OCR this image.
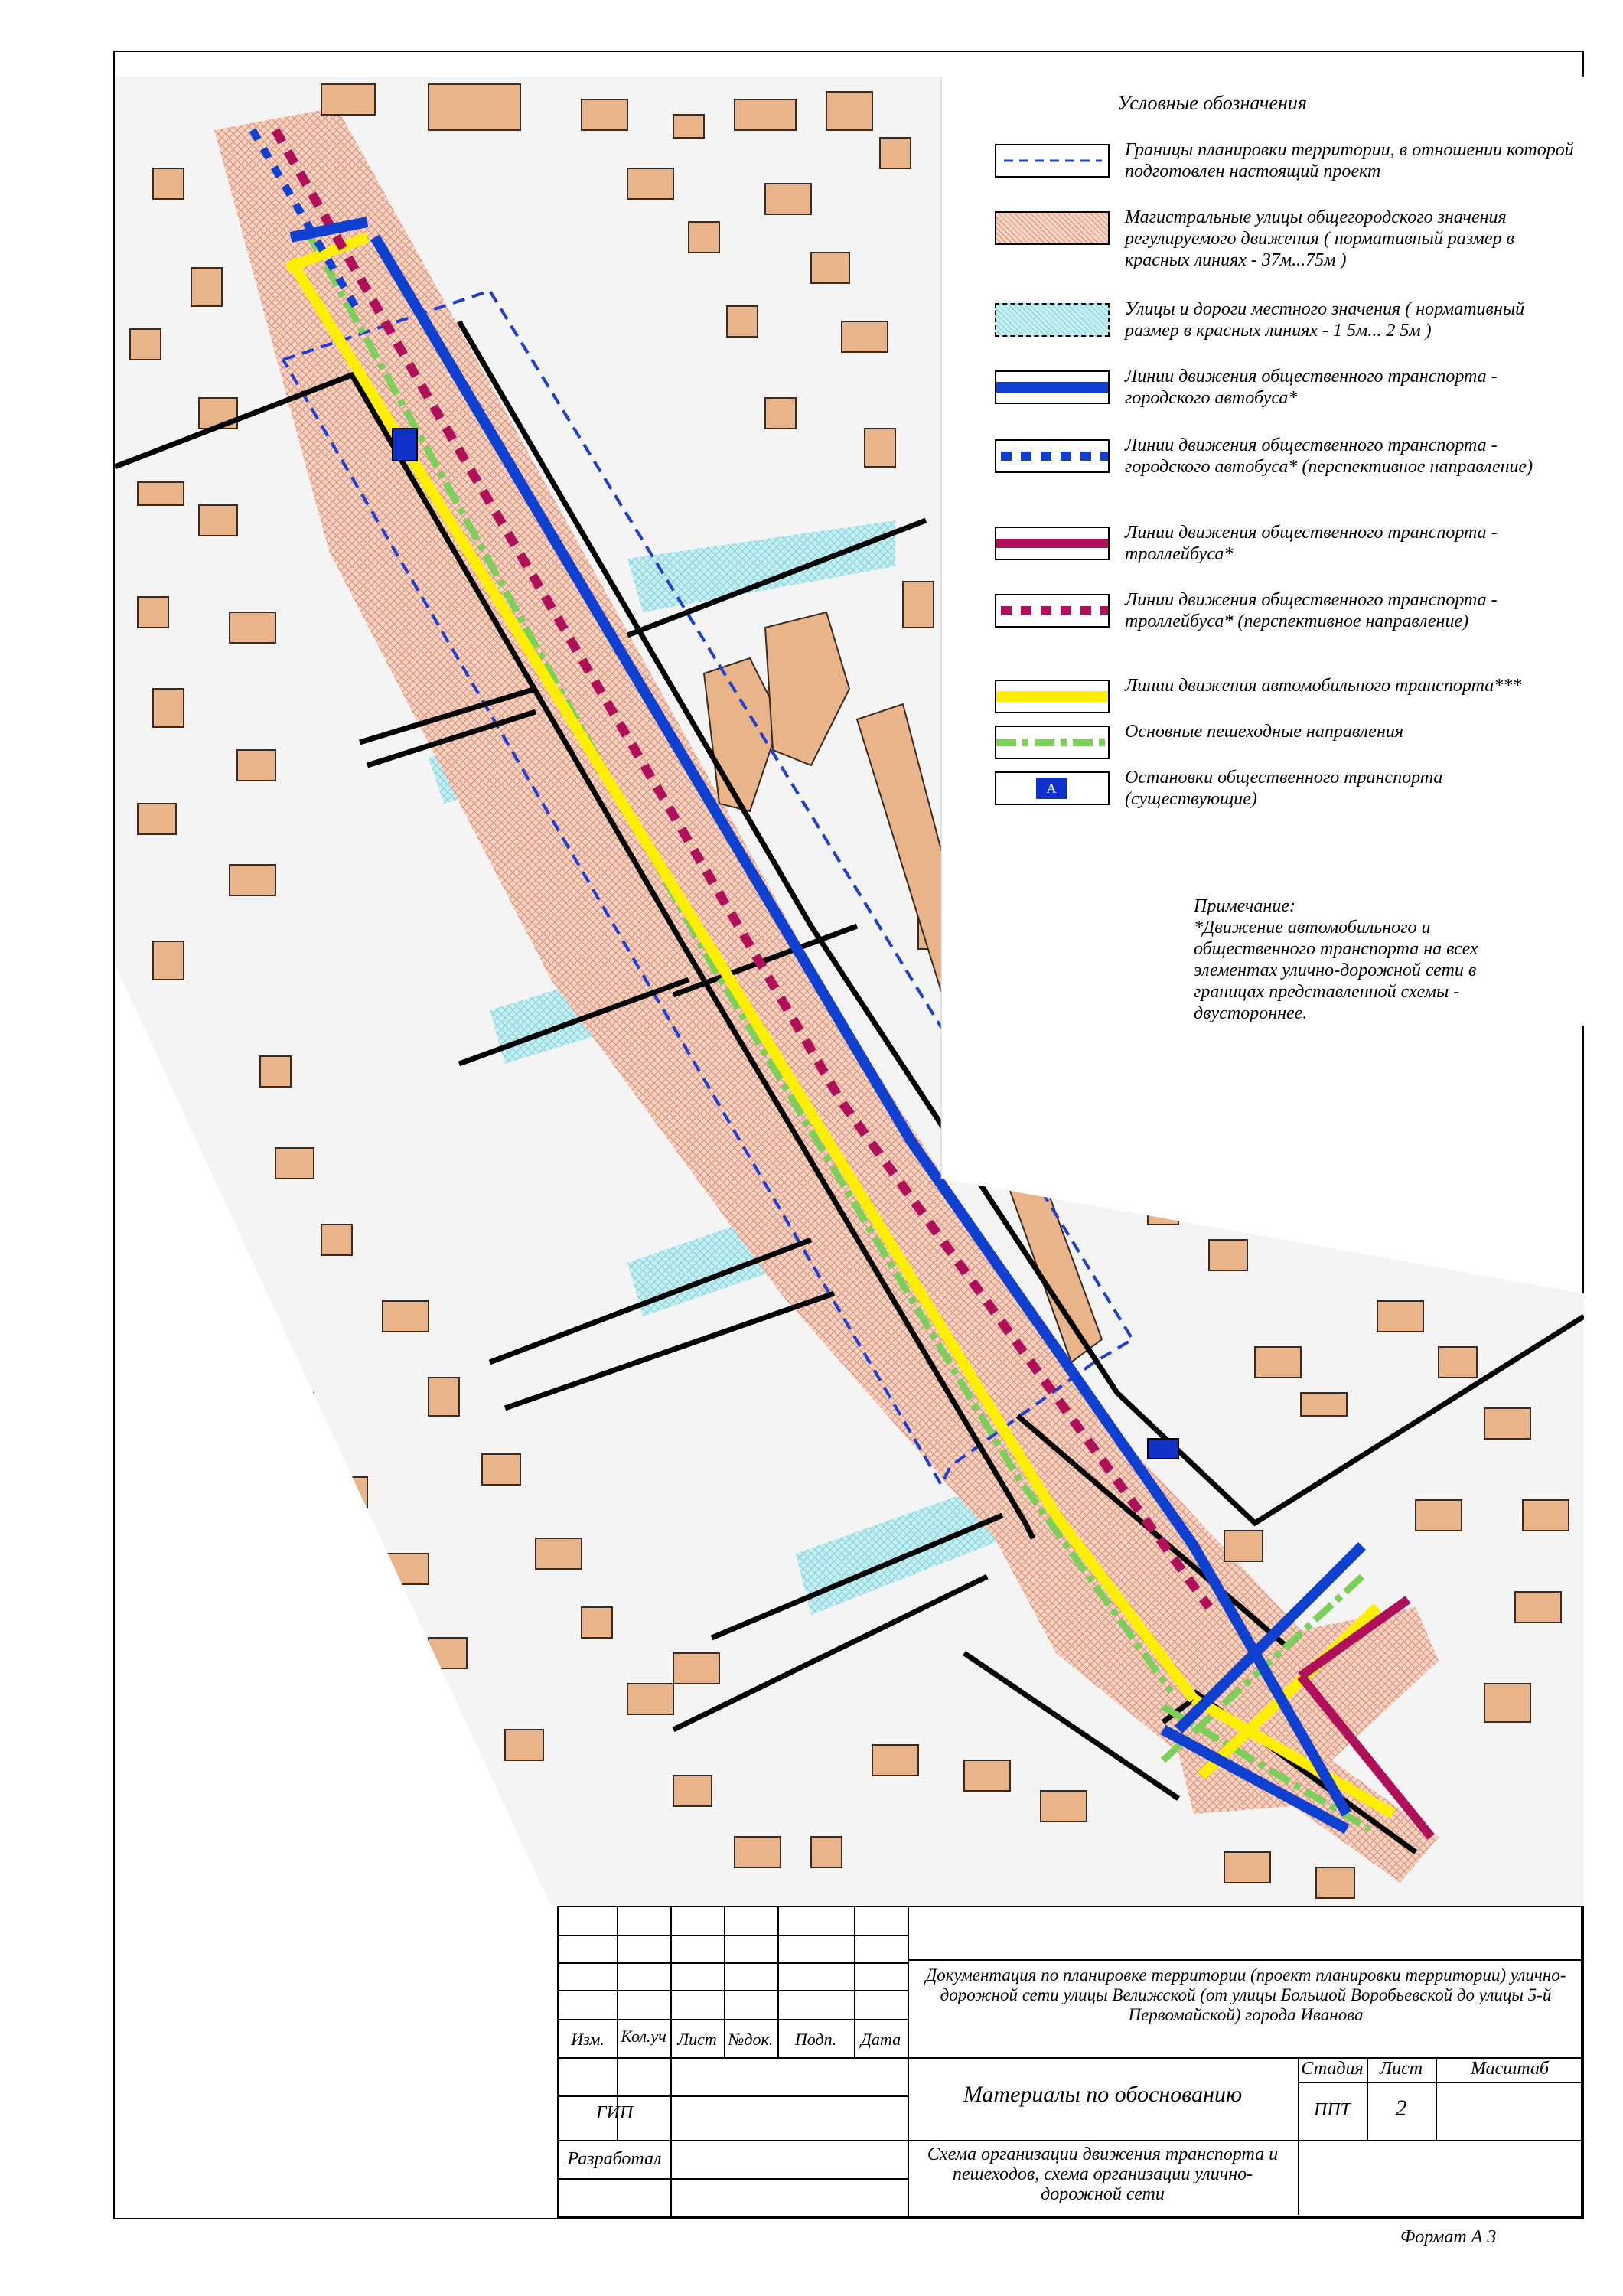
Условные обозначения
Границы планировки территории, в отношении которой подготовлен настоящий проект
Магистральные улицы общегородского значения регулируемого движения ( нормативный размер в красных линиях - 37м...75м )
Улицы и дороги местного значения ( нормативный размер в красных линиях - 1 5м... 2 5м )
Линии движения общественного транспорта - городского автобуса*
Линии движения общественного транспорта - городского автобуса* (перспективное направление)
Линии движения общественного транспорта - троллейбуса*
Линии движения общественного транспорта - троллейбуса* (перспективное направление)
Линии движения автомобильного транспорта***
Основные пешеходные направления
A
Остановки общественного транспорта (существующие)
Примечание:
*Движение автомобильного и общественного транспорта на всех элементах улично-дорожной сети в границах представленной схемы - двустороннее.
Изм. Кол.уч Лист №док.	Подп.	Дата
Документация по планировке территории (проект планировки территории) улично-дорожной сети улицы Велижской (от улицы Большой Воробьевской до улицы 5-й Первомайской) города Иванова
Материалы по обоснованию
ГИП
Разработал
Стадия Лист	Масштаб
ППТ	2
Схема организации движения транспорта и пешеходов, схема организации улично-дорожной сети
Формат А 3
